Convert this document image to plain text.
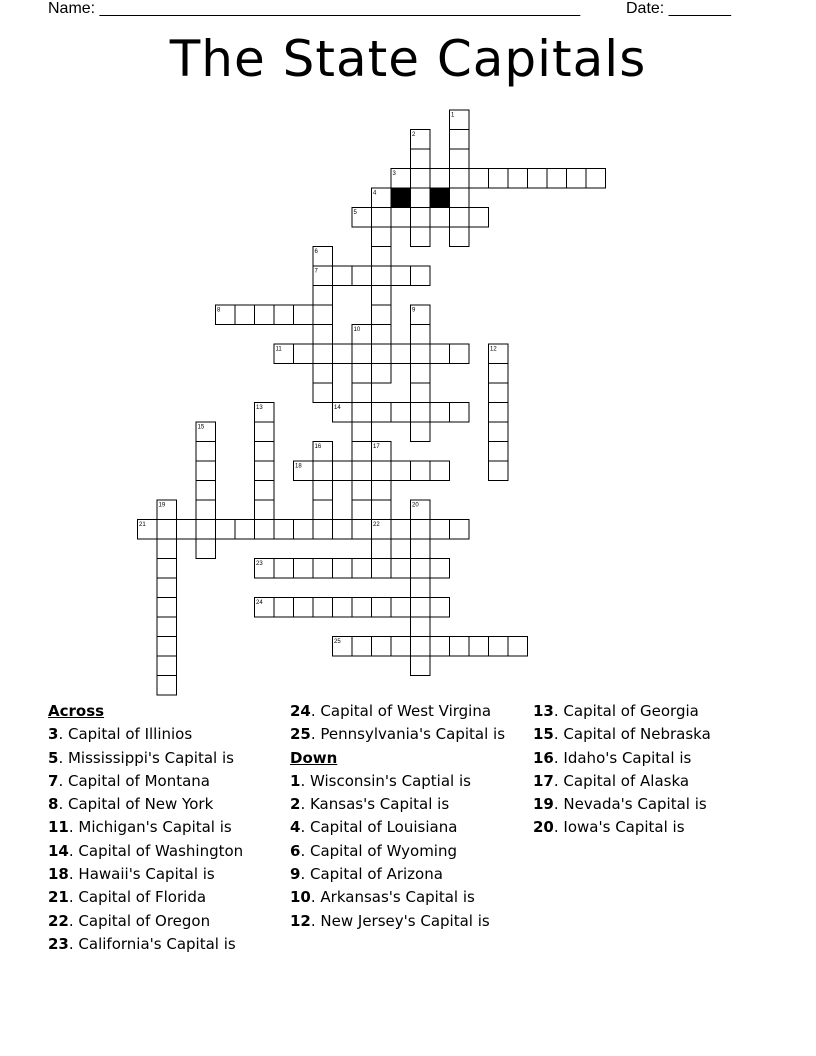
Name: ______________________________________________________	Date: _______
The State Capitals
1
2
3
4
5
6
7
8	9
10
11	12
13	14
15
16	17
18
19	20
21	22
23
24
25
Across
3. Capital of Illinios
5. Mississippi's Capital is
7. Capital of Montana
8. Capital of New York
11. Michigan's Capital is
14. Capital of Washington
18. Hawaii's Capital is
21. Capital of Florida
22. Capital of Oregon
23. California's Capital is
24. Capital of West Virgina
25. Pennsylvania's Capital is
Down
1. Wisconsin's Captial is
2. Kansas's Capital is
4. Capital of Louisiana
6. Capital of Wyoming
9. Capital of Arizona
10. Arkansas's Capital is
12. New Jersey's Capital is
13. Capital of Georgia
15. Capital of Nebraska
16. Idaho's Capital is
17. Capital of Alaska
19. Nevada's Capital is
20. Iowa's Capital is
